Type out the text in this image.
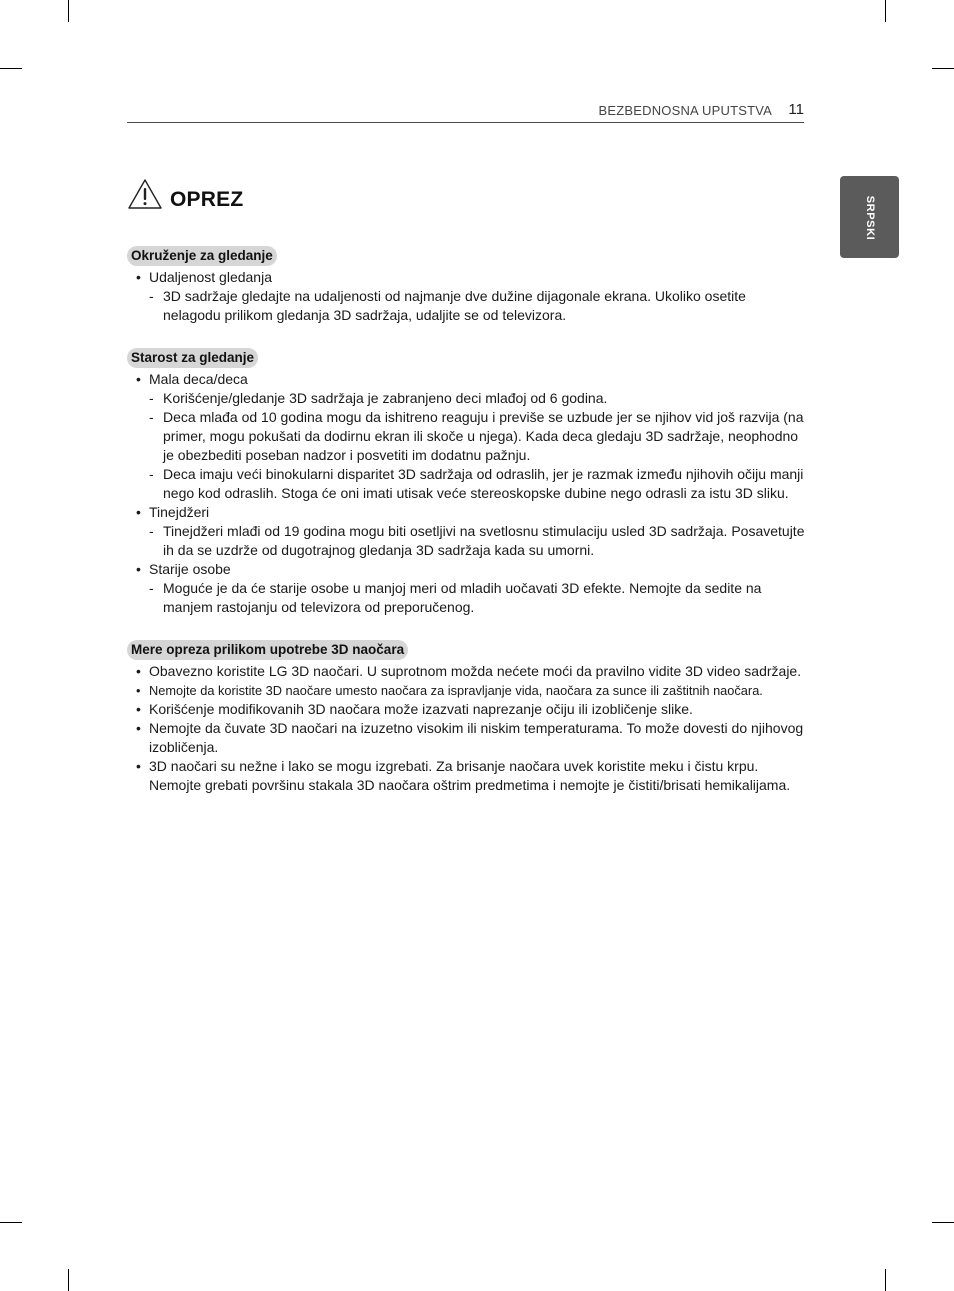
BEZBEDNOSNA UPUTSTVA 11
SRPSKI
OPREZ
Okruženje za gledanje
• Udaljenost gledanja
- 3D sadržaje gledajte na udaljenosti od najmanje dve dužine dijagonale ekrana. Ukoliko osetite nelagodu prilikom gledanja 3D sadržaja, udaljite se od televizora.
Starost za gledanje
• Mala deca/deca
- Korišćenje/gledanje 3D sadržaja je zabranjeno deci mlađoj od 6 godina.
- Deca mlađa od 10 godina mogu da ishitreno reaguju i previše se uzbude jer se njihov vid još razvija (na primer, mogu pokušati da dodirnu ekran ili skoče u njega). Kada deca gledaju 3D sadržaje, neophodno je obezbediti poseban nadzor i posvetiti im dodatnu pažnju.
- Deca imaju veći binokularni disparitet 3D sadržaja od odraslih, jer je razmak između njihovih očiju manji nego kod odraslih. Stoga će oni imati utisak veće stereoskopske dubine nego odrasli za istu 3D sliku.
• Tinejdžeri
- Tinejdžeri mlađi od 19 godina mogu biti osetljivi na svetlosnu stimulaciju usled 3D sadržaja. Posavetujte ih da se uzdrže od dugotrajnog gledanja 3D sadržaja kada su umorni.
• Starije osobe
- Moguće je da će starije osobe u manjoj meri od mladih uočavati 3D efekte. Nemojte da sedite na manjem rastojanju od televizora od preporučenog.
Mere opreza prilikom upotrebe 3D naočara
• Obavezno koristite LG 3D naočari. U suprotnom možda nećete moći da pravilno vidite 3D video sadržaje.
• Nemojte da koristite 3D naočare umesto naočara za ispravljanje vida, naočara za sunce ili zaštitnih naočara.
• Korišćenje modifikovanih 3D naočara može izazvati naprezanje očiju ili izobličenje slike.
• Nemojte da čuvate 3D naočari na izuzetno visokim ili niskim temperaturama. To može dovesti do njihovog izobličenja.
• 3D naočari su nežne i lako se mogu izgrebati. Za brisanje naočara uvek koristite meku i čistu krpu. Nemojte grebati površinu stakala 3D naočara oštrim predmetima i nemojte je čistiti/brisati hemikalijama.
